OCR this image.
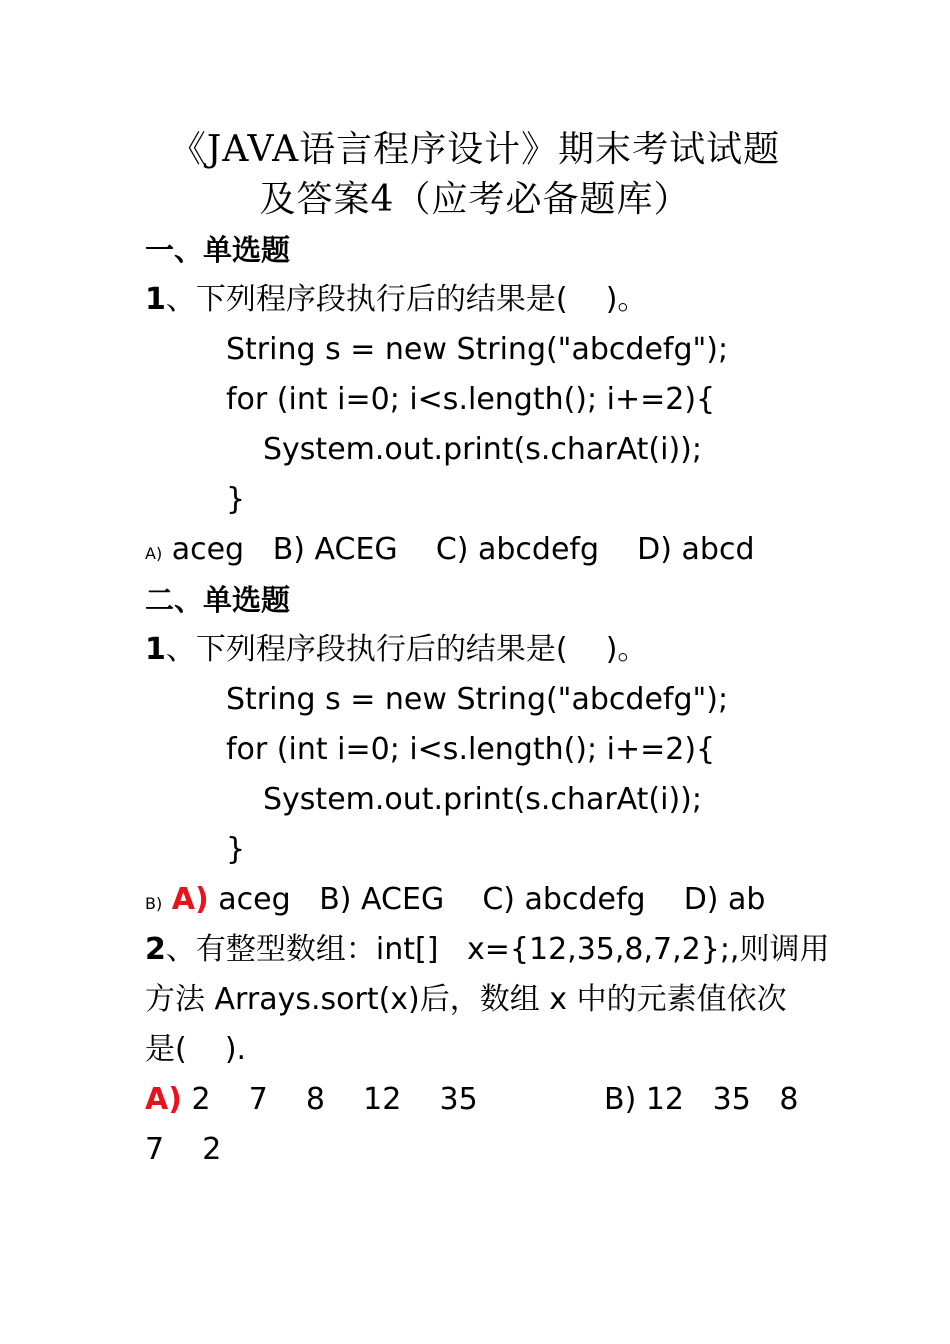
《JAVA语言程序设计》期末考试试题
及答案4（应考必备题库）
一、单选题
1、下列程序段执行后的结果是(    )。
String s = new String("abcdefg");
for (int i=0; i<s.length(); i+=2){
System.out.print(s.charAt(i));
}
A) aceg   B) ACEG    C) abcdefg    D) abcd
二、单选题
1、下列程序段执行后的结果是(    )。
String s = new String("abcdefg");
for (int i=0; i<s.length(); i+=2){
System.out.print(s.charAt(i));
}
B) A) aceg   B) ACEG    C) abcdefg    D) ab
2、有整型数组：int[]   x={12,35,8,7,2};,则调用
方法 Arrays.sort(x)后，数组 x 中的元素值依次
是(    ).
A) 2    7    8    12    35	B) 12   35   8
7    2
